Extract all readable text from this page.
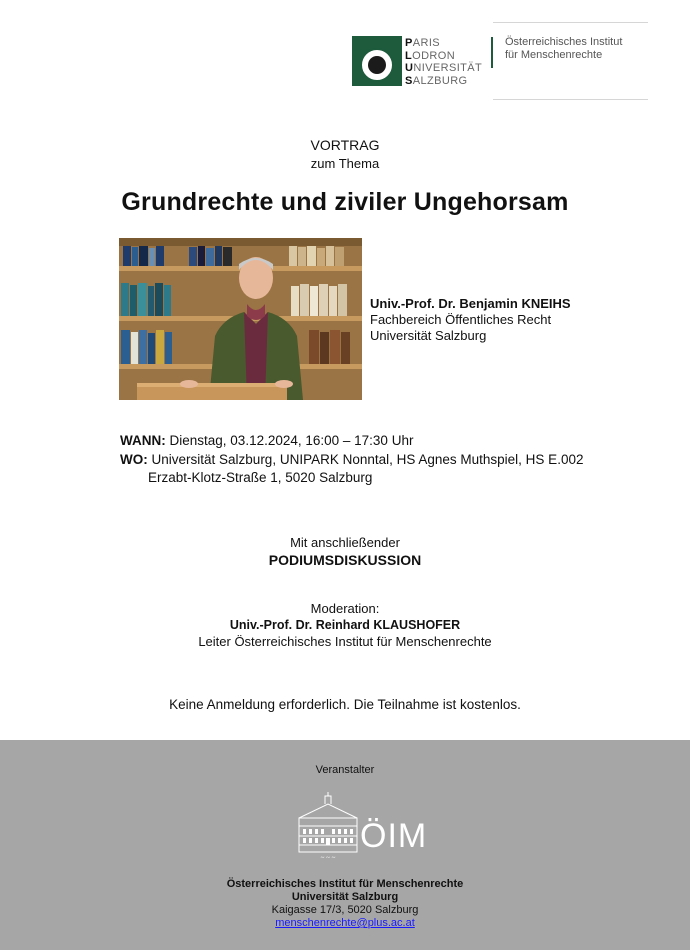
PARIS
LODRON
UNIVERSITÄT
SALZBURG
Österreichisches Institut
für Menschenrechte
VORTRAG
zum Thema
Grundrechte und ziviler Ungehorsam
Univ.-Prof. Dr. Benjamin KNEIHS
Fachbereich Öffentliches Recht
Universität Salzburg
WANN: Dienstag, 03.12.2024, 16:00 – 17:30 Uhr
WO: Universität Salzburg, UNIPARK Nonntal, HS Agnes Muthspiel, HS E.002
Erzabt-Klotz-Straße 1, 5020 Salzburg
Mit anschließender
PODIUMSDISKUSSION
Moderation:
Univ.-Prof. Dr. Reinhard KLAUSHOFER
Leiter Österreichisches Institut für Menschenrechte
Keine Anmeldung erforderlich. Die Teilnahme ist kostenlos.
Veranstalter
~ ~ ~
ÖIM
Österreichisches Institut für Menschenrechte
Universität Salzburg
Kaigasse 17/3, 5020 Salzburg
menschenrechte@plus.ac.at
